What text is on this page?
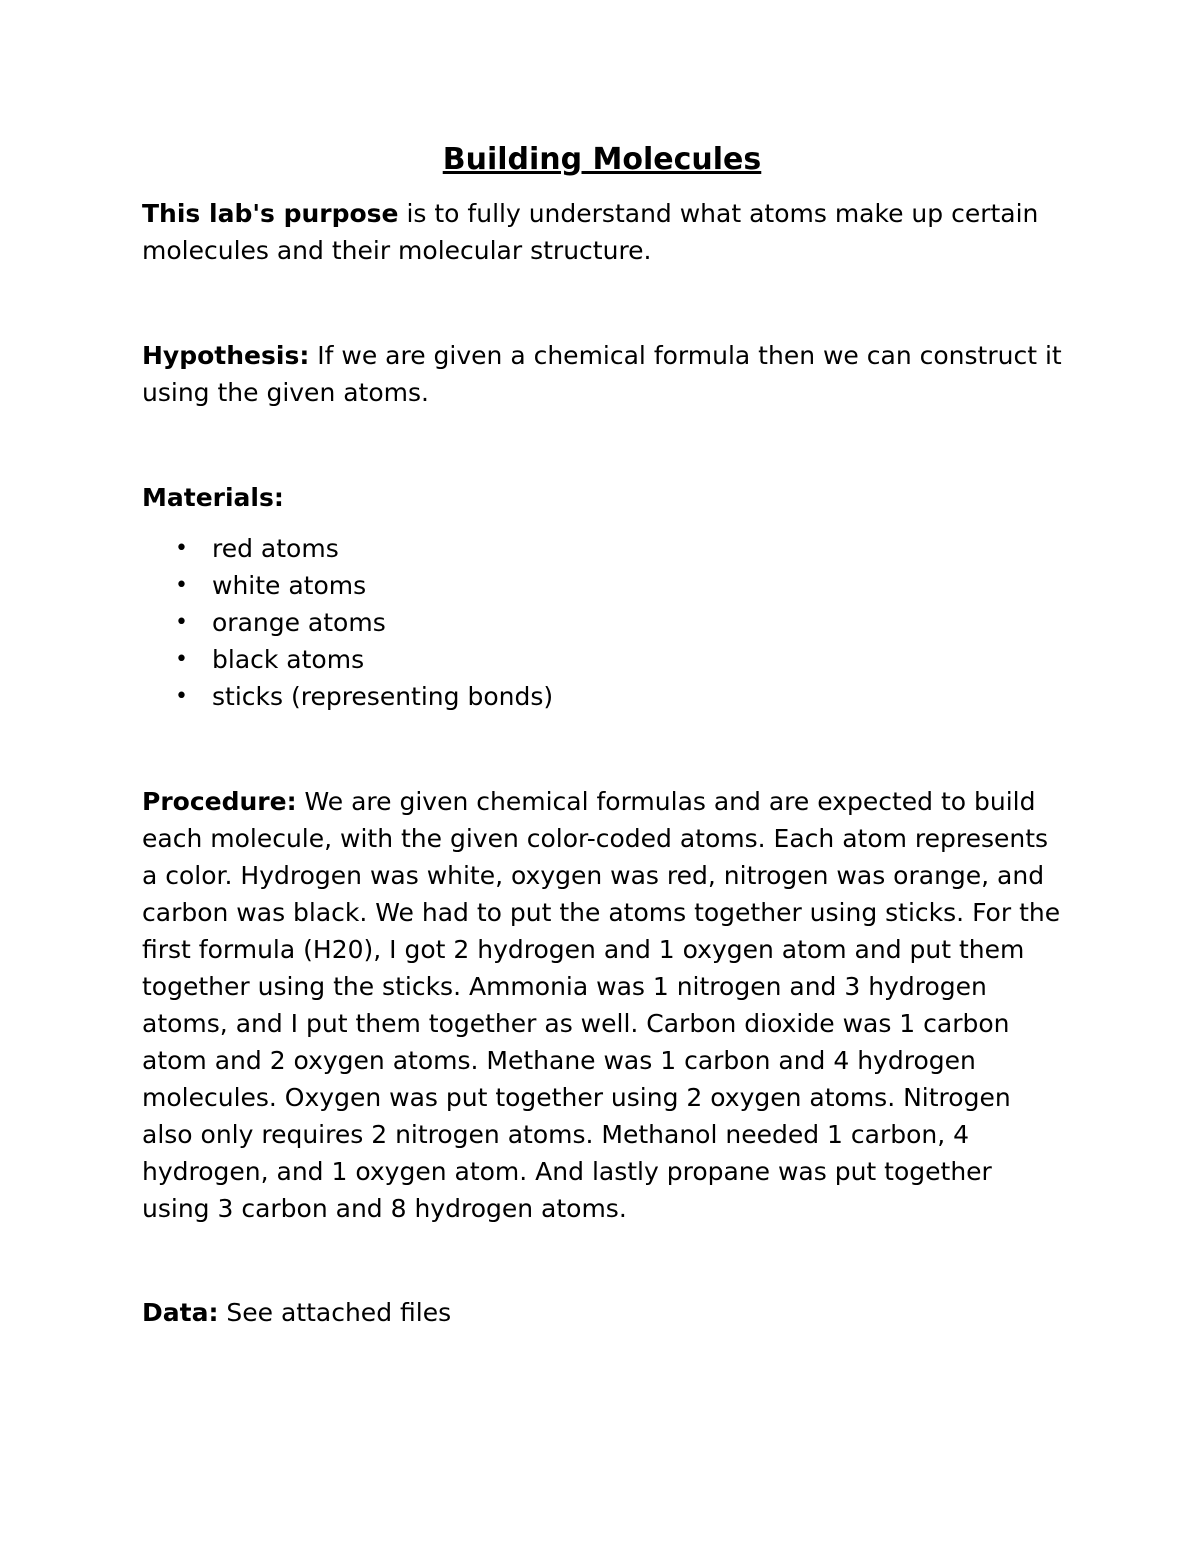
Building Molecules

This lab's purpose is to fully understand what atoms make up certain molecules and their molecular structure.

Hypothesis: If we are given a chemical formula then we can construct it using the given atoms.

Materials:

• red atoms
• white atoms
• orange atoms
• black atoms
• sticks (representing bonds)

Procedure: We are given chemical formulas and are expected to build each molecule, with the given color-coded atoms. Each atom represents a color. Hydrogen was white, oxygen was red, nitrogen was orange, and carbon was black. We had to put the atoms together using sticks. For the first formula (H20), I got 2 hydrogen and 1 oxygen atom and put them together using the sticks. Ammonia was 1 nitrogen and 3 hydrogen atoms, and I put them together as well. Carbon dioxide was 1 carbon atom and 2 oxygen atoms. Methane was 1 carbon and 4 hydrogen molecules. Oxygen was put together using 2 oxygen atoms. Nitrogen also only requires 2 nitrogen atoms. Methanol needed 1 carbon, 4 hydrogen, and 1 oxygen atom. And lastly propane was put together using 3 carbon and 8 hydrogen atoms.

Data: See attached files
